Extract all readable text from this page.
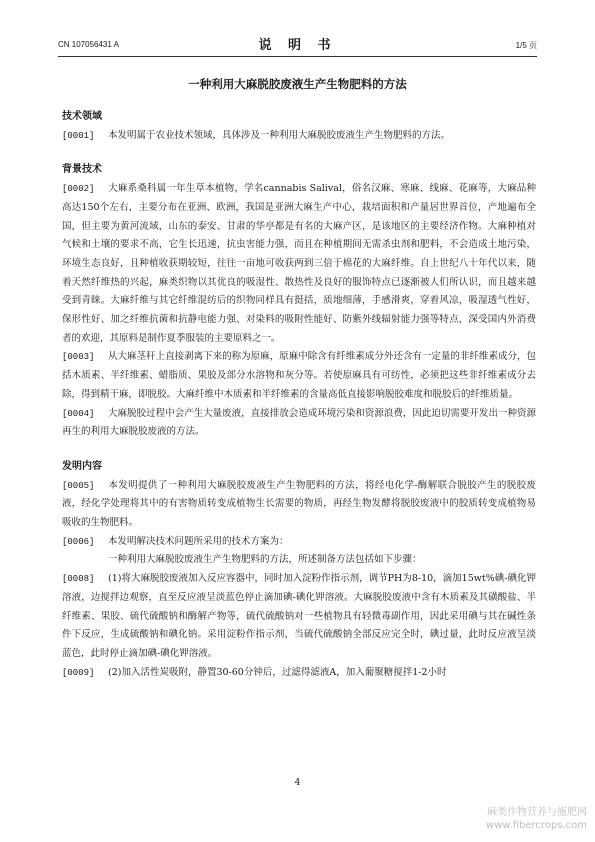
CN 107056431 A	说 明 书	1/5 页
一种利用大麻脱胶废液生产生物肥料的方法

技术领域

[0001] 本发明属于农业技术领域，具体涉及一种利用大麻脱胶废液生产生物肥料的方法。

背景技术

[0002] 大麻系桑科属一年生草本植物，学名cannabis Salival，俗名汉麻、寒麻、线麻、花麻等，大麻品种高达150个左右，主要分布在亚洲、欧洲，我国是亚洲大麻生产中心，栽培面积和产量居世界首位，产地遍布全国，但主要为黄河流域，山东的泰安、甘肃的华亭都是有名的大麻产区，是该地区的主要经济作物。大麻种植对气候和土壤的要求不高，它生长迅速，抗虫害能力强，而且在种植期间无需杀虫剂和肥料，不会造成土地污染，环境生态良好，且种植收获期较短，往往一亩地可收获两到三倍于棉花的大麻纤维。自上世纪八十年代以来，随着天然纤维热的兴起，麻类织物以其优良的吸湿性、散热性及良好的服饰特点已逐渐被人们所认识，而且越来越受到青睐。大麻纤维与其它纤维混纺后的织物同样具有挺括，质地细薄，手感滑爽，穿着风凉，吸湿透气性好，保形性好、加之纤维抗菌和抗静电能力强、对染料的吸附性能好、防紫外线辐射能力强等特点，深受国内外消费者的欢迎，其原料是制作夏季服装的主要原料之一。

[0003] 从大麻茎秆上直接剥离下来的称为原麻，原麻中除含有纤维素成分外还含有一定量的非纤维素成分，包括木质素、半纤维素、蜡脂质、果胶及部分水溶物和灰分等。若使原麻具有可纺性，必须把这些非纤维素成分去除，得到精干麻，即脱胶。大麻纤维中木质素和半纤维素的含量高低直接影响脱胶难度和脱胶后的纤维质量。

[0004] 大麻脱胶过程中会产生大量废液，直接排放会造成环境污染和资源浪费，因此迫切需要开发出一种资源再生的利用大麻脱胶废液的方法。

发明内容

[0005] 本发明提供了一种利用大麻脱胶废液生产生物肥料的方法，将经电化学-酶解联合脱胶产生的脱胶废液，经化学处理将其中的有害物质转变成植物生长需要的物质，再经生物发酵将脱胶废液中的胶质转变成植物易吸收的生物肥料。

[0006] 本发明解决技术问题所采用的技术方案为：

一种利用大麻脱胶废液生产生物肥料的方法，所述制备方法包括如下步骤：

[0008] (1)将大麻脱胶废液加入反应容器中，同时加入淀粉作指示剂，调节PH为8-10，滴加15wt%碘-碘化钾溶液，边搅拌边观察，直至反应液呈淡蓝色停止滴加碘-碘化钾溶液。大麻脱胶废液中含有木质素及其磺酸盐、半纤维素、果胶、硫代硫酸钠和酶解产物等，硫代硫酸钠对一些植物具有轻微毒副作用，因此采用碘与其在碱性条件下反应，生成硫酸钠和碘化钠。采用淀粉作指示剂，当硫代硫酸钠全部反应完全时，碘过量，此时反应液呈淡蓝色，此时停止滴加碘-碘化钾溶液。

[0009] (2)加入活性炭吸附，静置30-60分钟后，过滤得滤液A，加入葡聚糖搅拌1-2小时

4
麻类作物营养与施肥网
www.fibercrops.com
